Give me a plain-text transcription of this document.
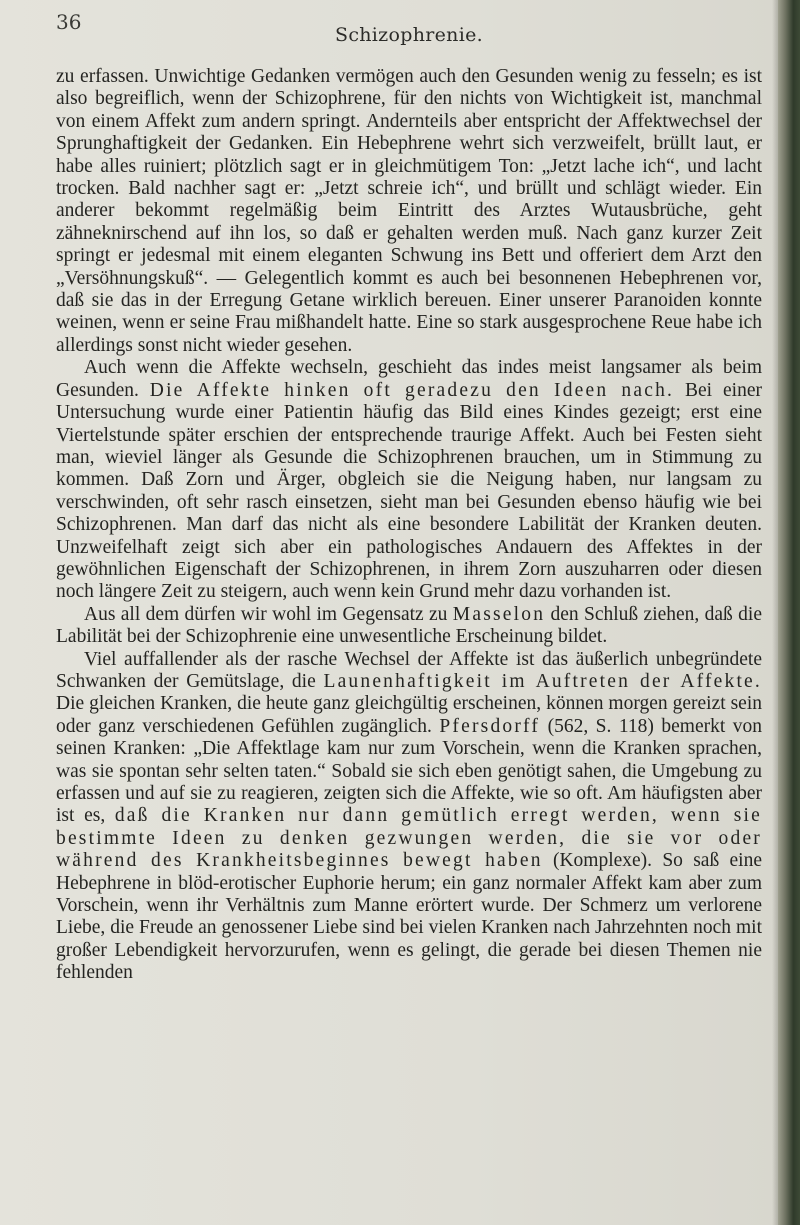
36
Schizophrenie.

zu erfassen. Unwichtige Gedanken vermögen auch den Gesunden wenig zu fesseln; es ist also begreiflich, wenn der Schizophrene, für den nichts von Wichtigkeit ist, manchmal von einem Affekt zum andern springt. Andernteils aber entspricht der Affektwechsel der Sprunghaftigkeit der Gedanken. Ein Hebephrene wehrt sich verzweifelt, brüllt laut, er habe alles ruiniert; plötzlich sagt er in gleichmütigem Ton: „Jetzt lache ich“, und lacht trocken. Bald nachher sagt er: „Jetzt schreie ich“, und brüllt und schlägt wieder. Ein anderer bekommt regelmäßig beim Eintritt des Arztes Wutausbrüche, geht zähneknirschend auf ihn los, so daß er gehalten werden muß. Nach ganz kurzer Zeit springt er jedesmal mit einem eleganten Schwung ins Bett und offeriert dem Arzt den „Versöhnungskuß“. — Gelegentlich kommt es auch bei besonnenen Hebephrenen vor, daß sie das in der Erregung Getane wirklich bereuen. Einer unserer Paranoiden konnte weinen, wenn er seine Frau mißhandelt hatte. Eine so stark ausgesprochene Reue habe ich allerdings sonst nicht wieder gesehen.

Auch wenn die Affekte wechseln, geschieht das indes meist langsamer als beim Gesunden. Die Affekte hinken oft geradezu den Ideen nach. Bei einer Untersuchung wurde einer Patientin häufig das Bild eines Kindes gezeigt; erst eine Viertelstunde später erschien der entsprechende traurige Affekt. Auch bei Festen sieht man, wieviel länger als Gesunde die Schizophrenen brauchen, um in Stimmung zu kommen. Daß Zorn und Ärger, obgleich sie die Neigung haben, nur langsam zu verschwinden, oft sehr rasch einsetzen, sieht man bei Gesunden ebenso häufig wie bei Schizophrenen. Man darf das nicht als eine besondere Labilität der Kranken deuten. Unzweifelhaft zeigt sich aber ein pathologisches Andauern des Affektes in der gewöhnlichen Eigenschaft der Schizophrenen, in ihrem Zorn auszuharren oder diesen noch längere Zeit zu steigern, auch wenn kein Grund mehr dazu vorhanden ist.

Aus all dem dürfen wir wohl im Gegensatz zu Masselon den Schluß ziehen, daß die Labilität bei der Schizophrenie eine unwesentliche Erscheinung bildet.

Viel auffallender als der rasche Wechsel der Affekte ist das äußerlich unbegründete Schwanken der Gemütslage, die Launenhaftigkeit im Auftreten der Affekte. Die gleichen Kranken, die heute ganz gleichgültig erscheinen, können morgen gereizt sein oder ganz verschiedenen Gefühlen zugänglich. Pfersdorff (562, S. 118) bemerkt von seinen Kranken: „Die Affektlage kam nur zum Vorschein, wenn die Kranken sprachen, was sie spontan sehr selten taten.“ Sobald sie sich eben genötigt sahen, die Umgebung zu erfassen und auf sie zu reagieren, zeigten sich die Affekte, wie so oft. Am häufigsten aber ist es, daß die Kranken nur dann gemütlich erregt werden, wenn sie bestimmte Ideen zu denken gezwungen werden, die sie vor oder während des Krankheitsbeginnes bewegt haben (Komplexe). So saß eine Hebephrene in blöd-erotischer Euphorie herum; ein ganz normaler Affekt kam aber zum Vorschein, wenn ihr Verhältnis zum Manne erörtert wurde. Der Schmerz um verlorene Liebe, die Freude an genossener Liebe sind bei vielen Kranken nach Jahrzehnten noch mit großer Lebendigkeit hervorzurufen, wenn es gelingt, die gerade bei diesen Themen nie fehlenden
